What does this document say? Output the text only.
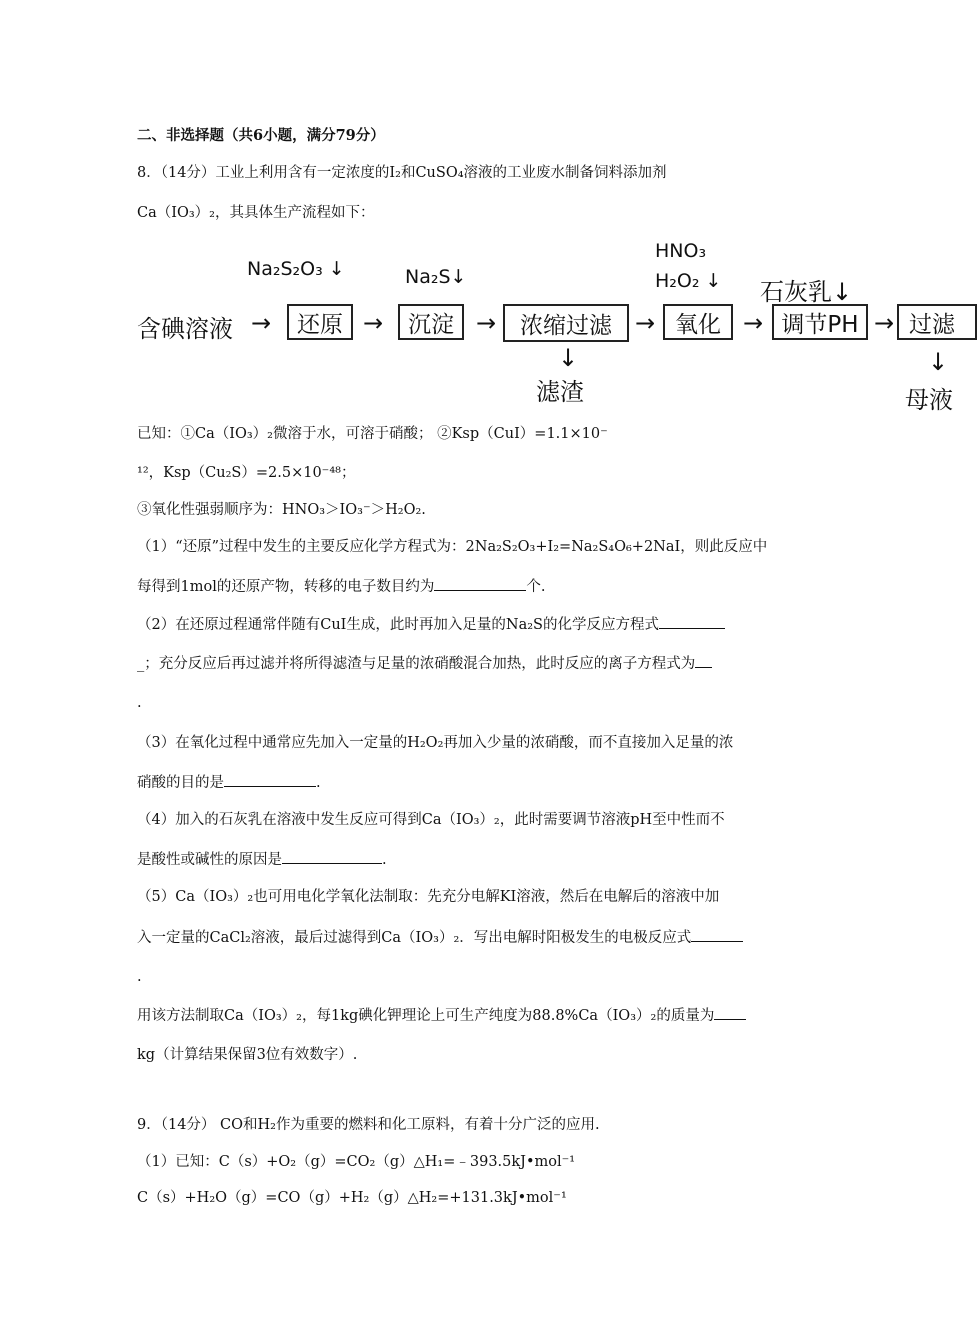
二、非选择题（共6小题，满分79分）
8．（14分）工业上利用含有一定浓度的I₂和CuSO₄溶液的工业废水制备饲料添加剂
Ca（IO₃）₂，其具体生产流程如下：
含碘溶液 →
Na₂S₂O₃ ↓
还原 →
Na₂S↓
沉淀 →	浓缩过滤
↓
滤渣
→
HNO₃
H₂O₂ ↓
氧化 →
石灰乳↓
调节PH → 过滤
↓
母液
已知：①Ca（IO₃）₂微溶于水，可溶于硝酸； ②Ksp（CuI）=1.1×10⁻
¹²，Ksp（Cu₂S）=2.5×10⁻⁴⁸；
③氧化性强弱顺序为：HNO₃＞IO₃⁻＞H₂O₂.
（1）“还原”过程中发生的主要反应化学方程式为：2Na₂S₂O₃+I₂=Na₂S₄O₆+2NaI，则此反应中
每得到1mol的还原产物，转移的电子数目约为	个.
（2）在还原过程通常伴随有CuI生成，此时再加入足量的Na₂S的化学反应方程式
_；充分反应后再过滤并将所得滤渣与足量的浓硝酸混合加热，此时反应的离子方程式为
.
（3）在氧化过程中通常应先加入一定量的H₂O₂再加入少量的浓硝酸，而不直接加入足量的浓
硝酸的目的是	.
（4）加入的石灰乳在溶液中发生反应可得到Ca（IO₃）₂，此时需要调节溶液pH至中性而不
是酸性或碱性的原因是	.
（5）Ca（IO₃）₂也可用电化学氧化法制取：先充分电解KI溶液，然后在电解后的溶液中加
入一定量的CaCl₂溶液，最后过滤得到Ca（IO₃）₂．写出电解时阳极发生的电极反应式
.
用该方法制取Ca（IO₃）₂，每1kg碘化钾理论上可生产纯度为88.8%Ca（IO₃）₂的质量为
kg（计算结果保留3位有效数字）.
9．（14分） CO和H₂作为重要的燃料和化工原料，有着十分广泛的应用.
（1）已知：C（s）+O₂（g）=CO₂（g）△H₁=﹣393.5kJ•mol⁻¹
C（s）+H₂O（g）=CO（g）+H₂（g）△H₂=+131.3kJ•mol⁻¹
